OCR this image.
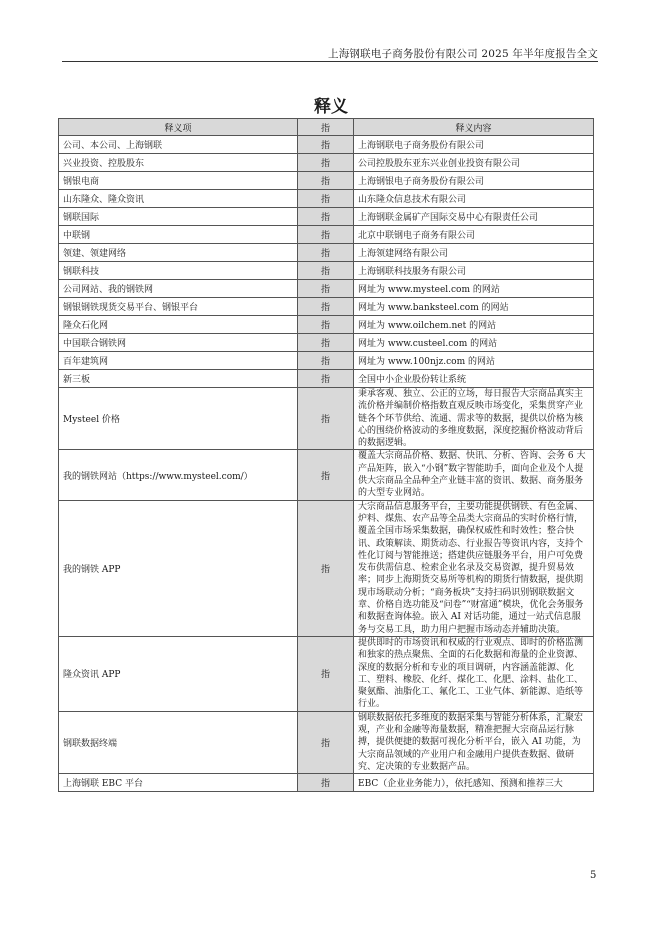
上海钢联电子商务股份有限公司 2025 年半年度报告全文
释义
释义项	指	释义内容
公司、本公司、上海钢联	指	上海钢联电子商务股份有限公司
兴业投资、控股股东	指	公司控股股东亚东兴业创业投资有限公司
钢银电商	指	上海钢银电子商务股份有限公司
山东隆众、隆众资讯	指	山东隆众信息技术有限公司
钢联国际	指	上海钢联金属矿产国际交易中心有限责任公司
中联钢	指	北京中联钢电子商务有限公司
领建、领建网络	指	上海领建网络有限公司
钢联科技	指	上海钢联科技服务有限公司
公司网站、我的钢铁网	指	网址为 www.mysteel.com 的网站
钢银钢铁现货交易平台、钢银平台	指	网址为 www.banksteel.com 的网站
隆众石化网	指	网址为 www.oilchem.net 的网站
中国联合钢铁网	指	网址为 www.custeel.com 的网站
百年建筑网	指	网址为 www.100njz.com 的网站
新三板	指	全国中小企业股份转让系统
Mysteel 价格	指	秉承客观、独立、公正的立场，每日报告大宗商品真实主流价格并编制价格指数直观反映市场变化，采集贯穿产业链各个环节供给、流通、需求等的数据，提供以价格为核心的围绕价格波动的多维度数据，深度挖掘价格波动背后的数据逻辑。
我的钢铁网站（https://www.mysteel.com/）	指	覆盖大宗商品价格、数据、快讯、分析、咨询、会务 6 大产品矩阵，嵌入“小钢”数字智能助手，面向企业及个人提供大宗商品全品种全产业链丰富的资讯、数据、商务服务的大型专业网站。
我的钢铁 APP	指	大宗商品信息服务平台，主要功能提供钢铁、有色金属、炉料、煤焦、农产品等全品类大宗商品的实时价格行情，覆盖全国市场采集数据，确保权威性和时效性；整合快讯、政策解读、期货动态、行业报告等资讯内容，支持个性化订阅与智能推送；搭建供应链服务平台，用户可免费发布供需信息、检索企业名录及交易资源，提升贸易效率；同步上海期货交易所等机构的期货行情数据，提供期现市场联动分析；“商务板块”支持扫码识别钢联数据文章、价格自选功能及“问卷”“财富通”模块，优化会务服务和数据查询体验。嵌入 AI 对话功能，通过一站式信息服务与交易工具，助力用户把握市场动态并辅助决策。
隆众资讯 APP	指	提供即时的市场资讯和权威的行业观点、即时的价格监测和独家的热点聚焦、全面的石化数据和海量的企业资源、深度的数据分析和专业的项目调研，内容涵盖能源、化工、塑料、橡胶、化纤、煤化工、化肥、涂料、盐化工、聚氨酯、油脂化工、氟化工、工业气体、新能源、造纸等行业。
钢联数据终端	指	钢联数据依托多维度的数据采集与智能分析体系，汇聚宏观，产业和金融等海量数据，精准把握大宗商品运行脉搏，提供便捷的数据可视化分析平台，嵌入 AI 功能，为大宗商品领域的产业用户和金融用户提供查数据、做研究、定决策的专业数据产品。
上海钢联 EBC 平台	指	EBC（企业业务能力），依托感知、预测和推荐三大
5
